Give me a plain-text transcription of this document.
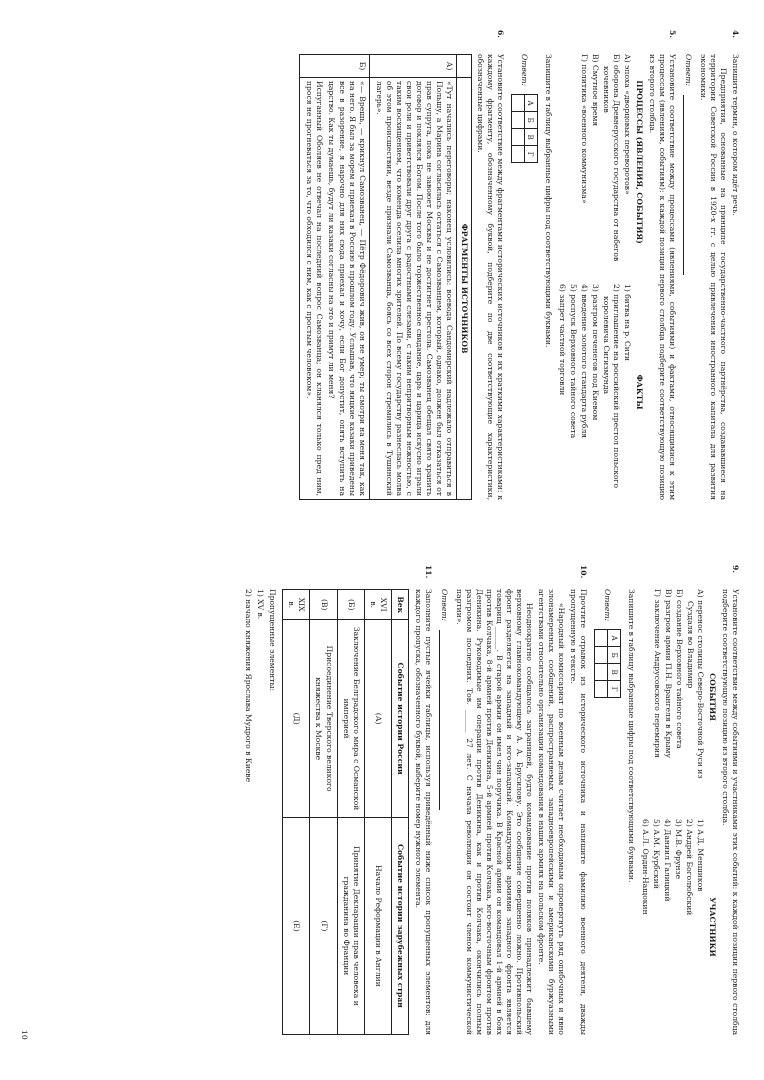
4.

Запишите термин, о котором идёт речь.

Предприятия, основанные на принципе государственно-частного партнёрства, создававшиеся на территории Советской России в 1920-х гг. с целью привлечения иностранного капитала для развития экономики.

Ответ:
5.

Установите соответствие между процессами (явлениями, событиями) и фактами, относящимися к этим процессам (явлениям, событиям): к каждой позиции первого столбца подберите соответствующую позицию из второго столбца.

ПРОЦЕССЫ (ЯВЛЕНИЯ, СОБЫТИЯ)
А) эпоха «дворцовых переворотов»
Б) оборона Древнерусского государства от набегов кочевников
В) Смутное время
Г) политика «военного коммунизма»
ФАКТЫ
1) битва на р. Сити
2) приглашение на российский престол польского королевича Сигизмунда
3) разгром печенегов под Киевом
4) введение золотого стандарта рубля
5) роспуск Верховного тайного совета
6) запрет частной торговли

Запишите в таблицу выбранные цифры под соответствующими буквами.

Ответ:
А	Б	В	Г

6.

Установите соответствие между фрагментами исторических источников и их краткими характеристиками: к каждому фрагменту, обозначенному буквой, подберите по две соответствующие характеристики, обозначенные цифрами.

	ФРАГМЕНТЫ ИСТОЧНИКОВ
А)	«Тут начались переговоры; наконец условились: воевода Сандомирский надлежало отправиться в Польшу, а Марина согласилась остаться с Самозванцем, который, однако, должен был отказаться от прав супруга, пока не завоюет Москвы и не достигнет престола. Самозванец обещал свято хранить договор и поклялся Богом. После того было торжественное свидание, царь и царица искусно играли свои роли и приветствовали друг друга с радостными слезами, с таким непритворным нежностью, с таким восхищением, что коменда оселила многих зрителей. По всему государству разнеслась молва об этом происшествии, везде признали Самозванца, боясь со всех сторон стремились в Тушинский лагерь».

Б)	«— Врешь, — крикнул Самозванец, — Пётр Фёдорович жив, он не умер; ты смотри на меня так, как на него. Я был за морем и приехал в Россию в прошлом году. Услышав, что яицкие казаки приведены все в разорение, я нарочно для них сюда приехал и хочу, если Бог допустит, опять вступить на царство. Как ты думаешь, будут ли казаки согласны на это и примут ли меня?

Испуганный Оболяев не отвечал на последний вопрос Самозванца; он кланялся только пред ним, прося не прогневаться за то, что обходился с ним, как с простым человеком».

9.

Установите соответствие между событиями и участниками этих событий: к каждой позиции первого столбца подберите соответствующую позицию из второго столбца.

СОБЫТИЯ
А) перенос столицы Северо-Восточной Руси из Суздаля во Владимир
Б) создание Верховного тайного совета
В) разгром армии П.Н. Врангеля в Крыму
Г) заключение Андрусовского перемирия
УЧАСТНИКИ
1) А.Д. Меншиков
2) Андрей Боголюбский
3) М.В. Фрунзе
4) Даниил Галицкий
5) А.М. Курбский
6) А.Л. Ордин-Нащокин

Запишите в таблицу выбранные цифры под соответствующими буквами.

Ответ:
А	Б	В	Г

10.

Прочтите отрывок из исторического источника и напишите фамилию военного деятеля, дважды пропущенную в тексте.

«Народный комиссариат по военным делам считает необходимым опровергнуть ряд опибочных и явно злонамеренных сообщений, распространяемых западноевропейскими и американскими буржуазными агентствами относительно организации командования в наших армиях на польском фронте.

Неоднократно сообщалось заграницей, будто командование против поляков принадлежит бывшему верховному главнокомандующему А. А. Брусилову. Это сообщение совершенно ложно. Противпольский фронт разделяется на западный и юго-западный. Командующим армиями западного фронта является товарищ ______. В старой армии он имел чин поручика. В Красной армии он командовал 1-й армией в боях против Колчака, 8-й армией против Деникина, 5-й армией против Колчака, юго-восточным фронтом против Деникина. Руководимые им операции против Деникина, как и против Колчака, окончились полным разгромом последних. Тов. ______ 27 лет. С начала революции он состоит членом коммунистической партии».

Ответ:
11.

Заполните пустые ячейки таблицы, используя приведённый ниже список пропущенных элементов: для каждого пропуска, обозначенного буквой, выберите номер нужного элемента.

Век	Событие истории России	Событие истории зарубежных стран
XVI в.	(А)	Начало Реформации в Англии
(Б)	Заключение Белградского мира с Османской империей	Принятие Декларации прав человека и гражданина во Франции
(В)	Присоединение Тверского великого княжества к Москве	(Г)
XIX в.	(Д)	(Е)

Пропущенные элементы:

1) XV в.

2) начало княжения Ярослава Мудрого в Киеве

10
